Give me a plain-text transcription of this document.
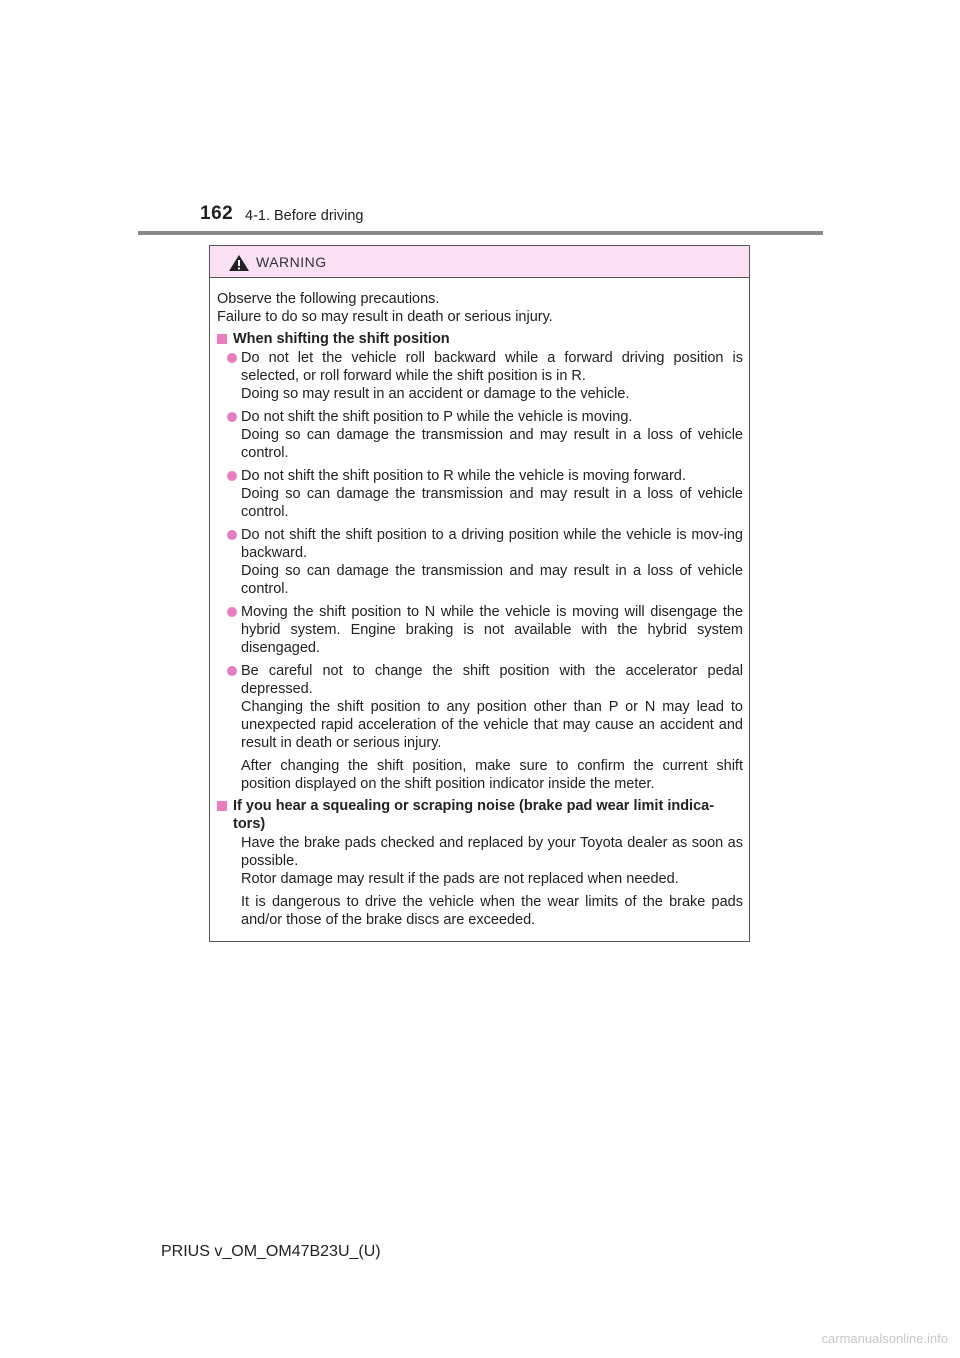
162 4-1. Before driving
WARNING

Observe the following precautions.

Failure to do so may result in death or serious injury.

When shifting the shift position

Do not let the vehicle roll backward while a forward driving position is selected, or roll forward while the shift position is in R.

Doing so may result in an accident or damage to the vehicle.

Do not shift the shift position to P while the vehicle is moving.

Doing so can damage the transmission and may result in a loss of vehicle control.

Do not shift the shift position to R while the vehicle is moving forward.

Doing so can damage the transmission and may result in a loss of vehicle control.

Do not shift the shift position to a driving position while the vehicle is mov-ing backward.

Doing so can damage the transmission and may result in a loss of vehicle control.

Moving the shift position to N while the vehicle is moving will disengage the hybrid system. Engine braking is not available with the hybrid system disengaged.

Be careful not to change the shift position with the accelerator pedal depressed.

Changing the shift position to any position other than P or N may lead to unexpected rapid acceleration of the vehicle that may cause an accident and result in death or serious injury.

After changing the shift position, make sure to confirm the current shift position displayed on the shift position indicator inside the meter.

If you hear a squealing or scraping noise (brake pad wear limit indica-tors)

Have the brake pads checked and replaced by your Toyota dealer as soon as possible.

Rotor damage may result if the pads are not replaced when needed.

It is dangerous to drive the vehicle when the wear limits of the brake pads and/or those of the brake discs are exceeded.

PRIUS v_OM_OM47B23U_(U)
carmanualsonline.info
